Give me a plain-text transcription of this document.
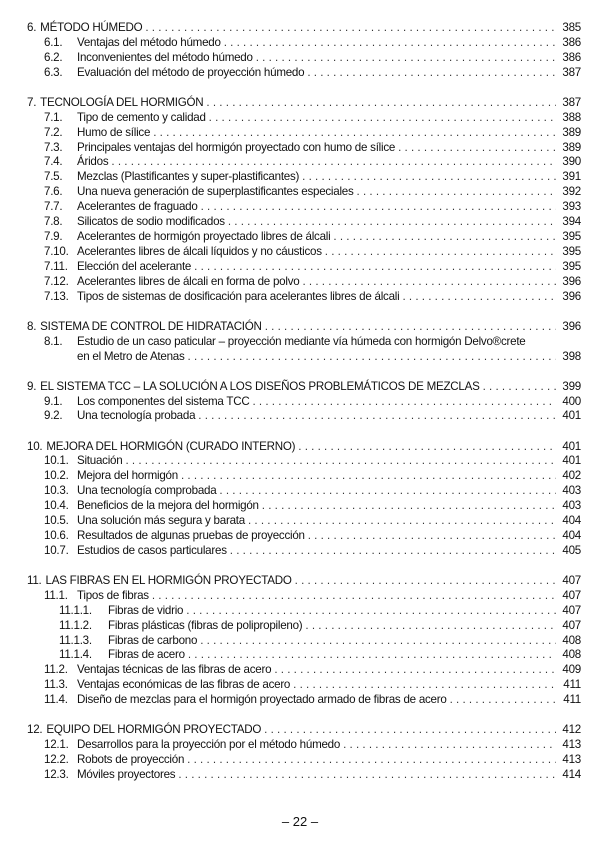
6. MÉTODO HÚMEDO . . .	385
6.1.	Ventajas del método húmedo . . .	386
6.2.	Inconvenientes del método húmedo . . .	386
6.3.	Evaluación del método de proyección húmedo . . .	387
7. TECNOLOGÍA DEL HORMIGÓN . . .	387
7.1.	Tipo de cemento y calidad . . .	388
7.2.	Humo de sílice . . .	389
7.3.	Principales ventajas del hormigón proyectado con humo de sílice . . .	389
7.4.	Áridos . . .	390
7.5.	Mezclas (Plastificantes y super-plastificantes) . . .	391
7.6.	Una nueva generación de superplastificantes especiales . . .	392
7.7.	Acelerantes de fraguado . . .	393
7.8.	Silicatos de sodio modificados . . .	394
7.9.	Acelerantes de hormigón proyectado libres de álcali . . .	395
7.10. Acelerantes libres de álcali líquidos y no cáusticos . . .	395
7.11. Elección del acelerante . . .	395
7.12. Acelerantes libres de álcali en forma de polvo . . .	396
7.13. Tipos de sistemas de dosificación para acelerantes libres de álcali . . .	396
8. SISTEMA DE CONTROL DE HIDRATACIÓN . . .	396
8.1.	Estudio de un caso paticular – proyección mediante vía húmeda con hormigón Delvo®crete
en el Metro de Atenas . . .	398
9. EL SISTEMA TCC – LA SOLUCIÓN A LOS DISEÑOS PROBLEMÁTICOS DE MEZCLAS . . .	399
9.1.	Los componentes del sistema TCC . . .	400
9.2.	Una tecnología probada . . .	401
10. MEJORA DEL HORMIGÓN (CURADO INTERNO) . . .	401
10.1. Situación . . .	401
10.2. Mejora del hormigón . . .	402
10.3. Una tecnología comprobada . . .	403
10.4. Beneficios de la mejora del hormigón . . .	403
10.5. Una solución más segura y barata . . .	404
10.6. Resultados de algunas pruebas de proyección . . .	404
10.7. Estudios de casos particulares . . .	405
11. LAS FIBRAS EN EL HORMIGÓN PROYECTADO . . .	407
11.1. Tipos de fibras . . .	407
11.1.1.	Fibras de vidrio . . .	407
11.1.2.	Fibras plásticas (fibras de polipropileno) . . .	407
11.1.3.	Fibras de carbono . . .	408
11.1.4.	Fibras de acero . . .	408
11.2. Ventajas técnicas de las fibras de acero . . .	409
11.3. Ventajas económicas de las fibras de acero . . .	411
11.4. Diseño de mezclas para el hormigón proyectado armado de fibras de acero . . .	411
12. EQUIPO DEL HORMIGÓN PROYECTADO . . .	412
12.1. Desarrollos para la proyección por el método húmedo . . .	413
12.2. Robots de proyección . . .	413
12.3. Móviles proyectores . . .	414
– 22 –
